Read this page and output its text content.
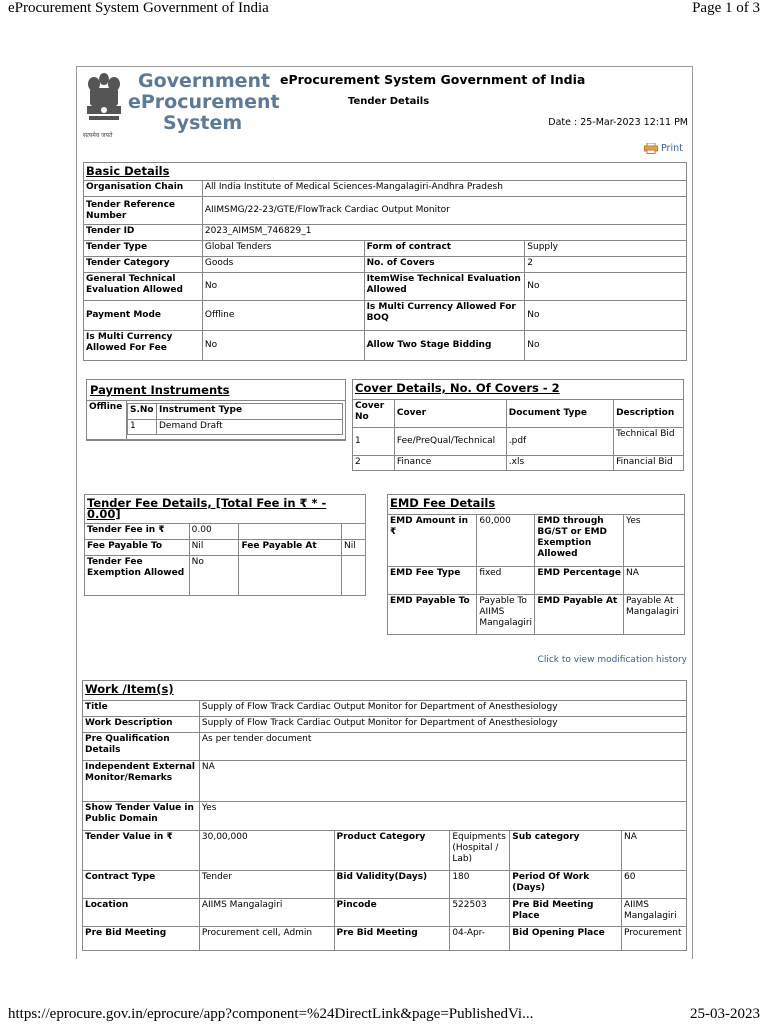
eProcurement System Government of India	Page 1 of 3
सत्यमेव जयते
Government
eProcurement
System
eProcurement System Government of India
Tender Details
Date : 25-Mar-2023 12:11 PM
Print
Basic Details			
Organisation Chain	All India Institute of Medical Sciences-Mangalagiri-Andhra Pradesh		
Tender Reference Number	AIIMSMG/22-23/GTE/FlowTrack Cardiac Output Monitor		
Tender ID	2023_AIMSM_746829_1		
Tender Type	Global Tenders	Form of contract	Supply
Tender Category	Goods	No. of Covers	2
General Technical Evaluation Allowed	No	ItemWise Technical Evaluation Allowed	No
Payment Mode	Offline	Is Multi Currency Allowed For BOQ	No
Is Multi Currency Allowed For Fee	No	Allow Two Stage Bidding	No
Payment Instruments
Offline	S.No	Instrument Type
1	Demand Draft
Cover Details, No. Of Covers - 2			
Cover No	Cover	Document Type	Description
1	Fee/PreQual/Technical	.pdf	Technical Bid
2	Finance	.xls	Financial Bid
Tender Fee Details, [Total Fee in ₹ * - 0.00]			
Tender Fee in ₹	0.00		
Fee Payable To	Nil	Fee Payable At	Nil
Tender Fee Exemption Allowed	No		
EMD Fee Details			
EMD Amount in ₹	60,000	EMD through BG/ST or EMD Exemption Allowed	Yes
EMD Fee Type	fixed	EMD Percentage	NA
EMD Payable To	Payable To AIIMS Mangalagiri	EMD Payable At	Payable At Mangalagiri
Click to view modification history
Work /Item(s)					
Title	Supply of Flow Track Cardiac Output Monitor for Department of Anesthesiology				
Work Description	Supply of Flow Track Cardiac Output Monitor for Department of Anesthesiology				
Pre Qualification Details	As per tender document				
Independent External Monitor/Remarks	NA				
Show Tender Value in Public Domain	Yes				
Tender Value in ₹	30,00,000	Product Category	Equipments (Hospital / Lab)	Sub category	NA
Contract Type	Tender	Bid Validity(Days)	180	Period Of Work (Days)	60
Location	AIIMS Mangalagiri	Pincode	522503	Pre Bid Meeting Place	AIIMS Mangalagiri
Pre Bid Meeting	Procurement cell, Admin	Pre Bid Meeting	04-Apr-	Bid Opening Place	Procurement
https://eprocure.gov.in/eprocure/app?component=%24DirectLink&page=PublishedVi...	25-03-2023
